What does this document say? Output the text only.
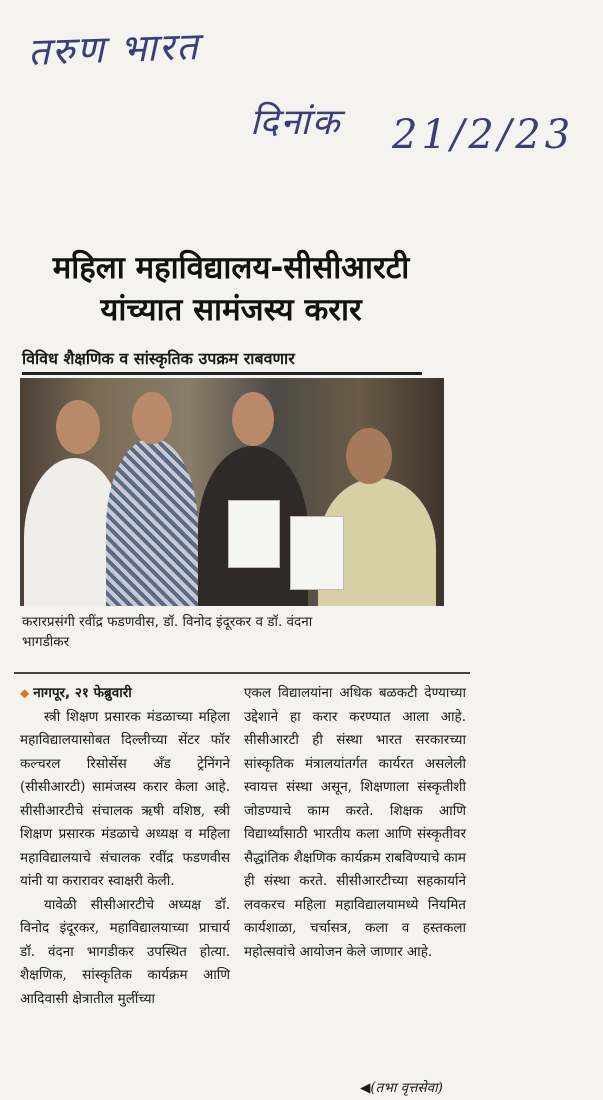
तरुण भारत
दिनांक 21/2/23
महिला महाविद्यालय-सीसीआरटी
यांच्यात सामंजस्य करार
विविध शैक्षणिक व सांस्कृतिक उपक्रम राबवणार
करारप्रसंगी रवींद्र फडणवीस, डॉ. विनोद इंदूरकर व डॉ. वंदना भागडीकर
◆ नागपूर, २१ फेब्रुवारी

स्त्री शिक्षण प्रसारक मंडळाच्या महिला महाविद्यालयासोबत दिल्लीच्या सेंटर फॉर कल्चरल रिसोर्सेस अँड ट्रेनिंगने (सीसीआरटी) सामंजस्य करार केला आहे. सीसीआरटीचे संचालक ऋषी वशिष्ठ, स्त्री शिक्षण प्रसारक मंडळाचे अध्यक्ष व महिला महाविद्यालयाचे संचालक रवींद्र फडणवीस यांनी या करारावर स्वाक्षरी केली.

यावेळी सीसीआरटीचे अध्यक्ष डॉ. विनोद इंदूरकर, महाविद्यालयाच्या प्राचार्य डॉ. वंदना भागडीकर उपस्थित होत्या. शैक्षणिक, सांस्कृतिक कार्यक्रम आणि आदिवासी क्षेत्रातील मुलींच्या

एकल विद्यालयांना अधिक बळकटी देण्याच्या उद्देशाने हा करार करण्यात आला आहे. सीसीआरटी ही संस्था भारत सरकारच्या सांस्कृतिक मंत्रालयांतर्गत कार्यरत असलेली स्वायत्त संस्था असून, शिक्षणाला संस्कृतीशी जोडण्याचे काम करते. शिक्षक आणि विद्यार्थ्यांसाठी भारतीय कला आणि संस्कृतीवर सैद्धांतिक शैक्षणिक कार्यक्रम राबविण्याचे काम ही संस्था करते. सीसीआरटीच्या सहकार्याने लवकरच महिला महाविद्यालयामध्ये नियमित कार्यशाळा, चर्चासत्र, कला व हस्तकला महोत्सवांचे आयोजन केले जाणार आहे.

◀(तभा वृत्तसेवा)
